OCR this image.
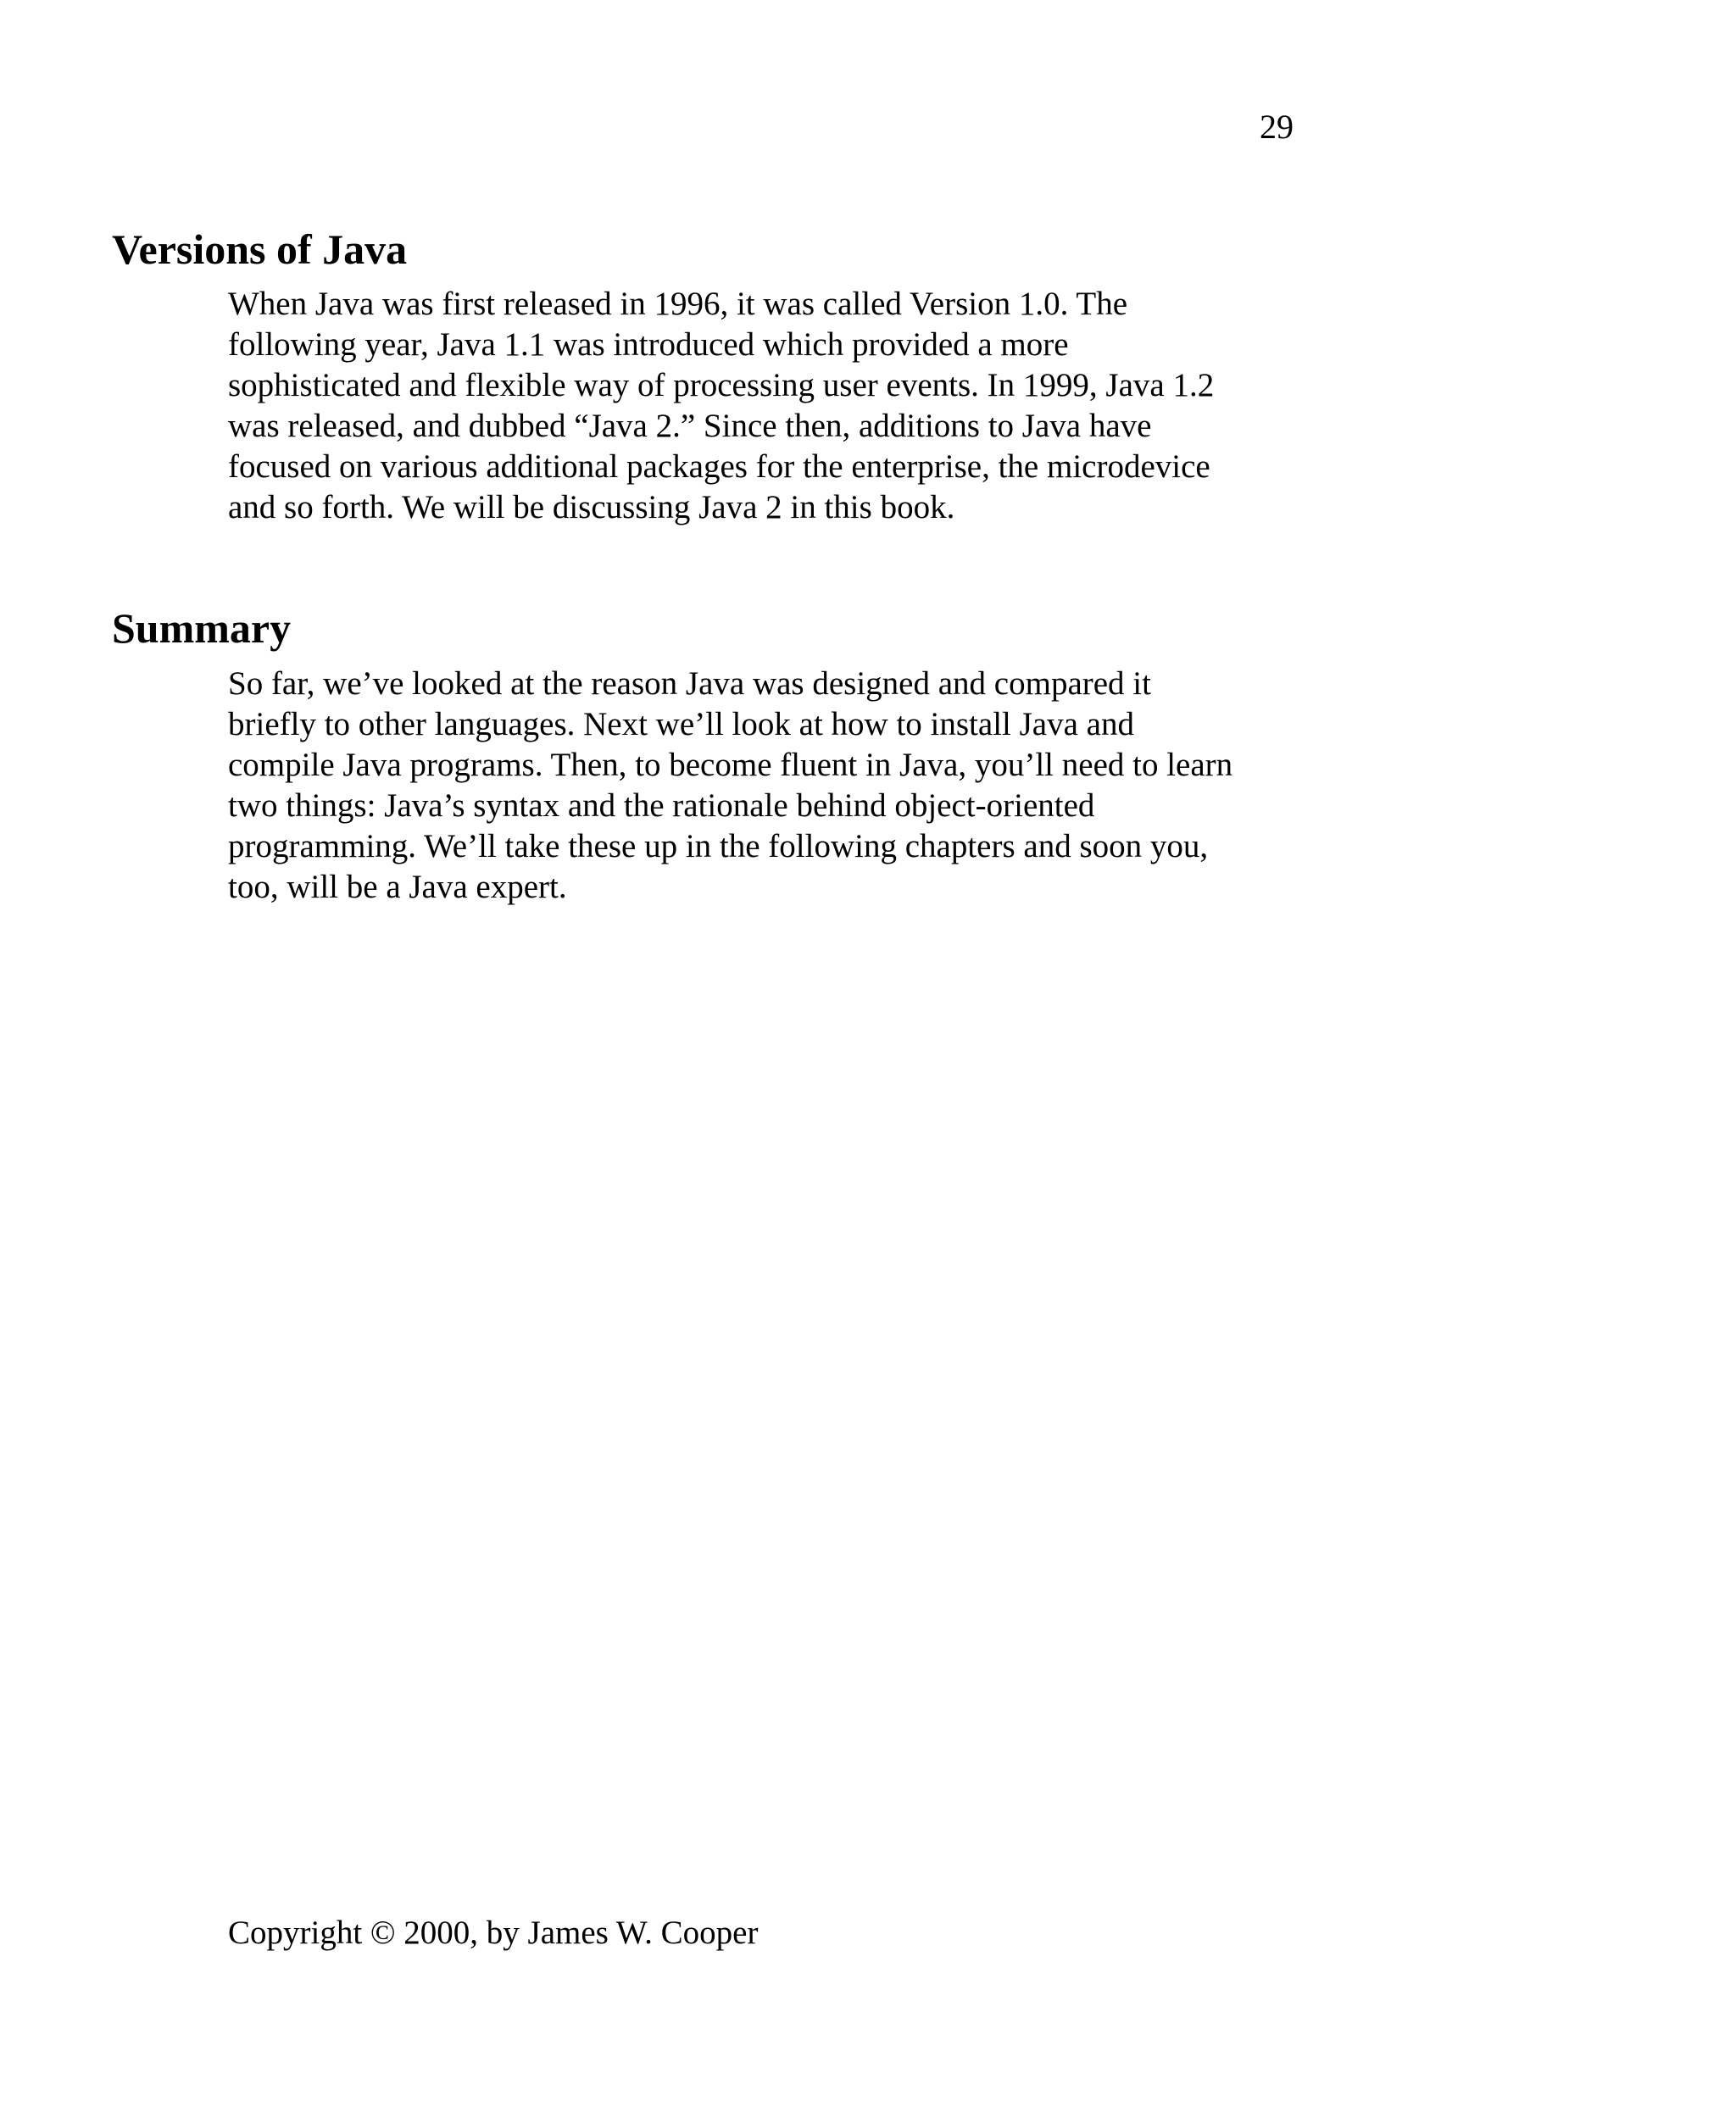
29
Versions of Java
When Java was first released in 1996, it was called Version 1.0. The
following year, Java 1.1 was introduced which provided a more
sophisticated and flexible way of processing user events. In 1999, Java 1.2
was released, and dubbed “Java 2.” Since then, additions to Java have
focused on various additional packages for the enterprise, the microdevice
and so forth. We will be discussing Java 2 in this book.
Summary
So far, we’ve looked at the reason Java was designed and compared it
briefly to other languages. Next we’ll look at how to install Java and
compile Java programs. Then, to become fluent in Java, you’ll need to learn
two things: Java’s syntax and the rationale behind object-oriented
programming. We’ll take these up in the following chapters and soon you,
too, will be a Java expert.
Copyright © 2000, by James W. Cooper
